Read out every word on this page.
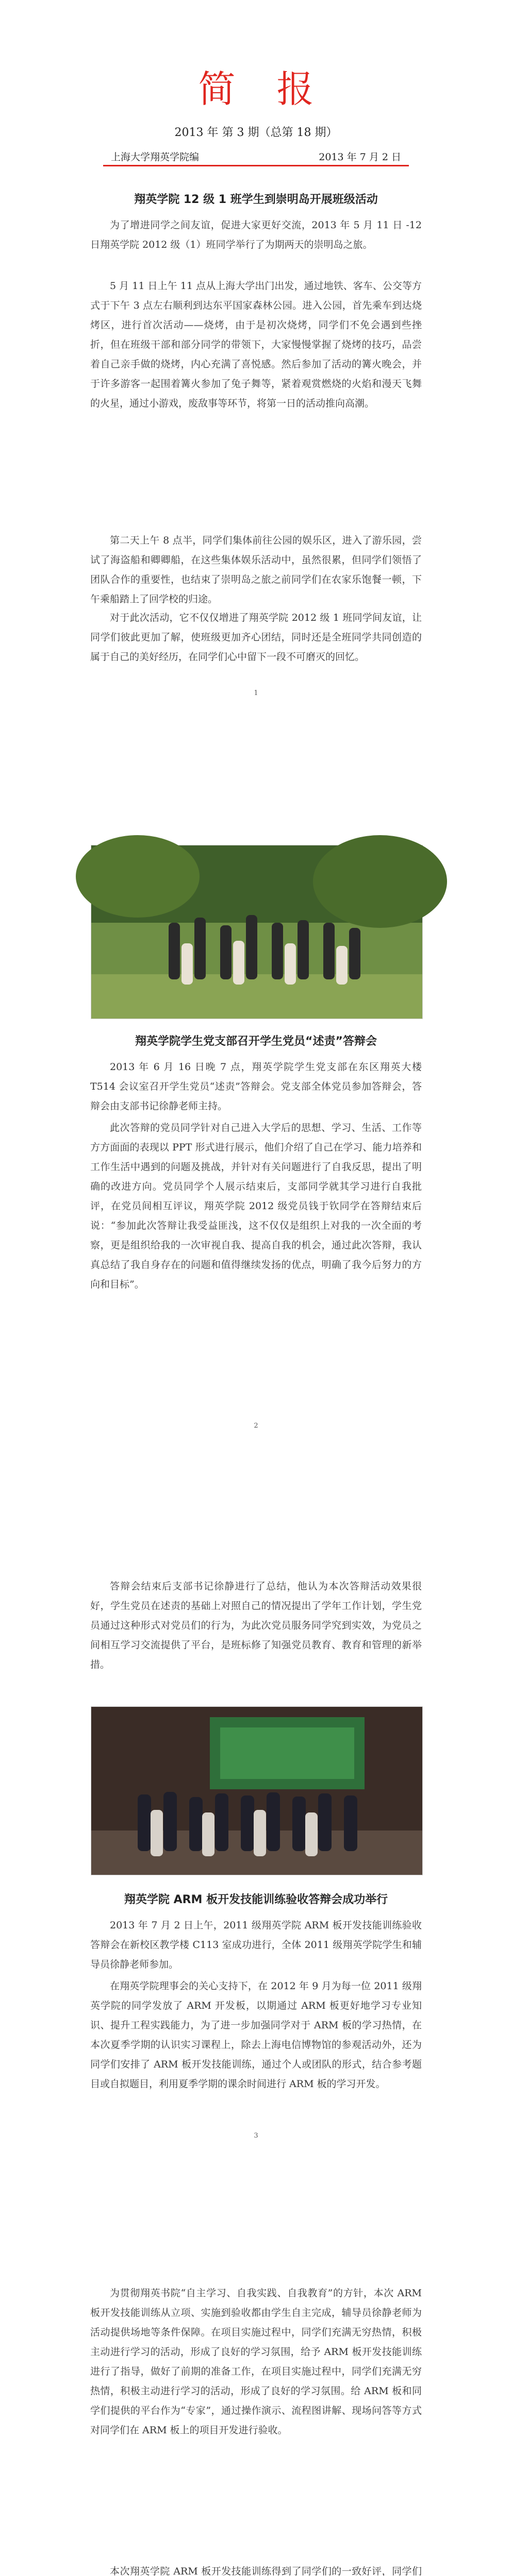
简报
2013 年 第 3 期（总第 18 期）
上海大学翔英学院编	2013 年 7 月 2 日
翔英学院 12 级 1 班学生到崇明岛开展班级活动
为了增进同学之间友谊，促进大家更好交流，2013 年 5 月 11 日 -12 日翔英学院 2012 级（1）班同学举行了为期两天的崇明岛之旅。
5 月 11 日上午 11 点从上海大学出门出发，通过地铁、客车、公交等方式于下午 3 点左右顺利到达东平国家森林公园。进入公园，首先乘车到达烧烤区，进行首次活动——烧烤，由于是初次烧烤，同学们不免会遇到些挫折，但在班级干部和部分同学的带领下，大家慢慢掌握了烧烤的技巧，品尝着自己亲手做的烧烤，内心充满了喜悦感。然后参加了活动的篝火晚会，并于许多游客一起围着篝火参加了兔子舞等，紧着观赏燃烧的火焰和漫天飞舞的火星，通过小游戏，废敌事等环节，将第一日的活动推向高潮。
第二天上午 8 点半，同学们集体前往公园的娱乐区，进入了游乐园，尝试了海盗船和卿卿船，在这些集体娱乐活动中，虽然很累，但同学们领悟了团队合作的重要性，也结束了崇明岛之旅之前同学们在农家乐饱餐一顿，下午乘船踏上了回学校的归途。
对于此次活动，它不仅仅增进了翔英学院 2012 级 1 班同学间友谊，让同学们彼此更加了解，使班级更加齐心团结，同时还是全班同学共同创造的属于自己的美好经历，在同学们心中留下一段不可磨灭的回忆。
1
翔英学院学生党支部召开学生党员“述责”答辩会
2013 年 6 月 16 日晚 7 点，翔英学院学生党支部在东区翔英大楼 T514 会议室召开学生党员“述责”答辩会。党支部全体党员参加答辩会，答辩会由支部书记徐静老师主持。
此次答辩的党员同学针对自己进入大学后的思想、学习、生活、工作等方方面面的表现以 PPT 形式进行展示，他们介绍了自己在学习、能力培养和工作生活中遇到的问题及挑战，并针对有关问题进行了自我反思，提出了明确的改进方向。党员同学个人展示结束后，支部同学就其学习进行自我批评，在党员间相互评议，翔英学院 2012 级党员钱于钦同学在答辩结束后说：“参加此次答辩让我受益匪浅，这不仅仅是组织上对我的一次全面的考察，更是组织给我的一次审视自我、提高自我的机会，通过此次答辩，我认真总结了我自身存在的问题和值得继续发扬的优点，明确了我今后努力的方向和目标”。
2
答辩会结束后支部书记徐静进行了总结，他认为本次答辩活动效果很好，学生党员在述责的基础上对照自己的情况提出了学年工作计划，学生党员通过这种形式对党员们的行为，为此次党员服务同学究到实效，为党员之间相互学习交流提供了平台，是班标修了知强党员教育、教育和管理的新举措。
翔英学院 ARM 板开发技能训练验收答辩会成功举行
2013 年 7 月 2 日上午，2011 级翔英学院 ARM 板开发技能训练验收答辩会在新校区教学楼 C113 室成功进行，全体 2011 级翔英学院学生和辅导员徐静老师参加。
在翔英学院理事会的关心支持下，在 2012 年 9 月为每一位 2011 级翔英学院的同学发放了 ARM 开发板，以期通过 ARM 板更好地学习专业知识、提升工程实践能力，为了进一步加强同学对于 ARM 板的学习热情，在本次夏季学期的认识实习课程上，除去上海电信博物馆的参观活动外，还为同学们安排了 ARM 板开发技能训练，通过个人或团队的形式，结合参考题目或自拟题目，利用夏季学期的课余时间进行 ARM 板的学习开发。
3
为贯彻翔英书院“自主学习、自我实践、自我教育”的方针，本次 ARM 板开发技能训练从立项、实施到验收都由学生自主完成，辅导员徐静老师为活动提供场地等条件保障。在项目实施过程中，同学们充满无穷热情，积极主动进行学习的活动，形成了良好的学习氛围，给予 ARM 板开发技能训练进行了指导，做好了前期的准备工作，在项目实施过程中，同学们充满无穷热情，积极主动进行学习的活动，形成了良好的学习氛围。给 ARM 板和同学们提供的平台作为“专家”，通过操作演示、流程图讲解、现场问答等方式对同学们在 ARM 板上的项目开发进行验收。
本次翔英学院 ARM 板开发技能训练得到了同学们的一致好评，同学们
